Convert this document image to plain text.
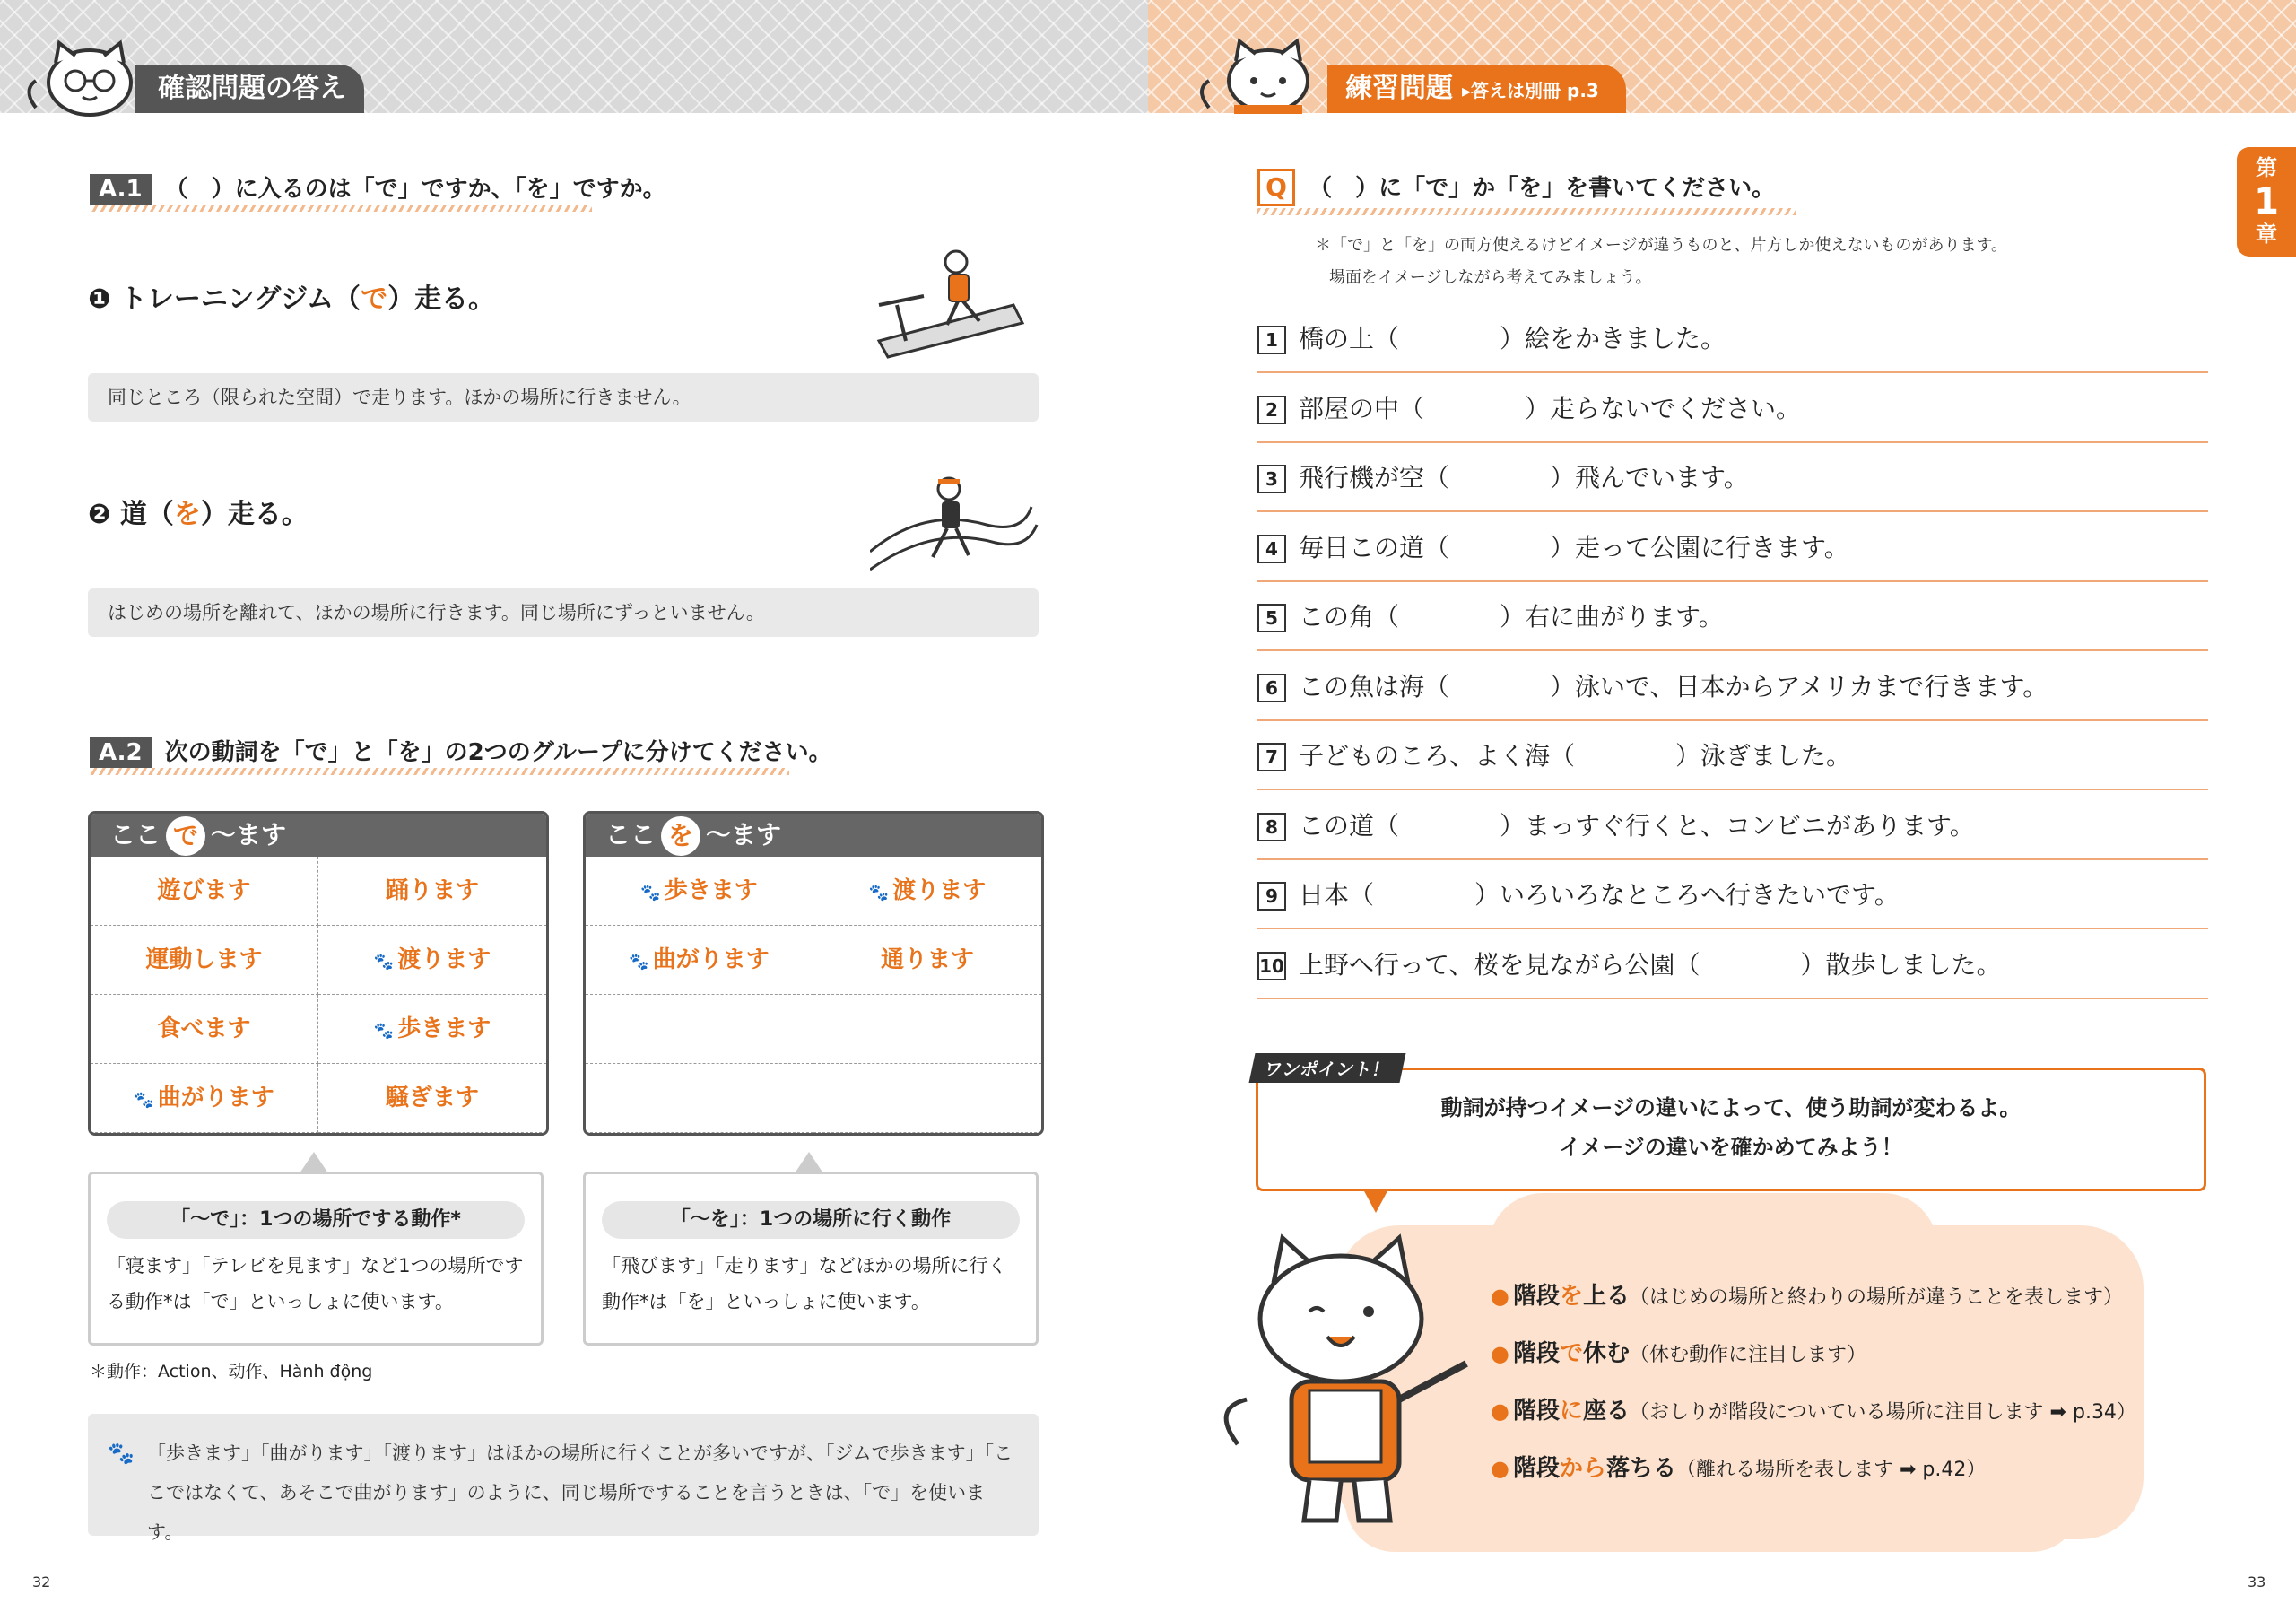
確認問題の答え
A.1 （　）に入るのは「で」ですか、「を」ですか。
❶ トレーニングジム（で）走る。
同じところ（限られた空間）で走ります。ほかの場所に行きません。
❷ 道（を）走る。
はじめの場所を離れて、ほかの場所に行きます。同じ場所にずっといません。
A.2 次の動詞を「で」と「を」の2つのグループに分けてください。
ここ で ～ます
遊びます	踊ります
運動します	🐾 渡ります
食べます	🐾 歩きます
🐾 曲がります	騒ぎます
ここ を ～ます
🐾 歩きます	🐾 渡ります
🐾 曲がります	通ります
「～で」：1つの場所でする動作*
「寝ます」「テレビを見ます」など1つの場所でする動作*は「で」といっしょに使います。
「～を」：1つの場所に行く動作
「飛びます」「走ります」などほかの場所に行く動作*は「を」といっしょに使います。
＊動作：Action、动作、Hành động
🐾 「歩きます」「曲がります」「渡ります」はほかの場所に行くことが多いですが、「ジムで歩きます」「ここではなくて、あそこで曲がります」のように、同じ場所ですることを言うときは、「で」を使います。
32
練習問題 ▸答えは別冊 p.3
第
1
章
Q （　）に「で」か「を」を書いてください。
＊「で」と「を」の両方使えるけどイメージが違うものと、片方しか使えないものがあります。
場面をイメージしながら考えてみましょう。
1 橋の上（　　　　）絵をかきました。
2 部屋の中（　　　　）走らないでください。
3 飛行機が空（　　　　）飛んでいます。
4 毎日この道（　　　　）走って公園に行きます。
5 この角（　　　　）右に曲がります。
6 この魚は海（　　　　）泳いで、日本からアメリカまで行きます。
7 子どものころ、よく海（　　　　）泳ぎました。
8 この道（　　　　）まっすぐ行くと、コンビニがあります。
9 日本（　　　　）いろいろなところへ行きたいです。
10 上野へ行って、桜を見ながら公園（　　　　）散歩しました。
動詞が持つイメージの違いによって、使う助詞が変わるよ。
イメージの違いを確かめてみよう！
ワンポイント！
● 階段を上る（はじめの場所と終わりの場所が違うことを表します）
● 階段で休む（休む動作に注目します）
● 階段に座る（おしりが階段についている場所に注目します ➡ p.34）
● 階段から落ちる（離れる場所を表します ➡ p.42）
33
